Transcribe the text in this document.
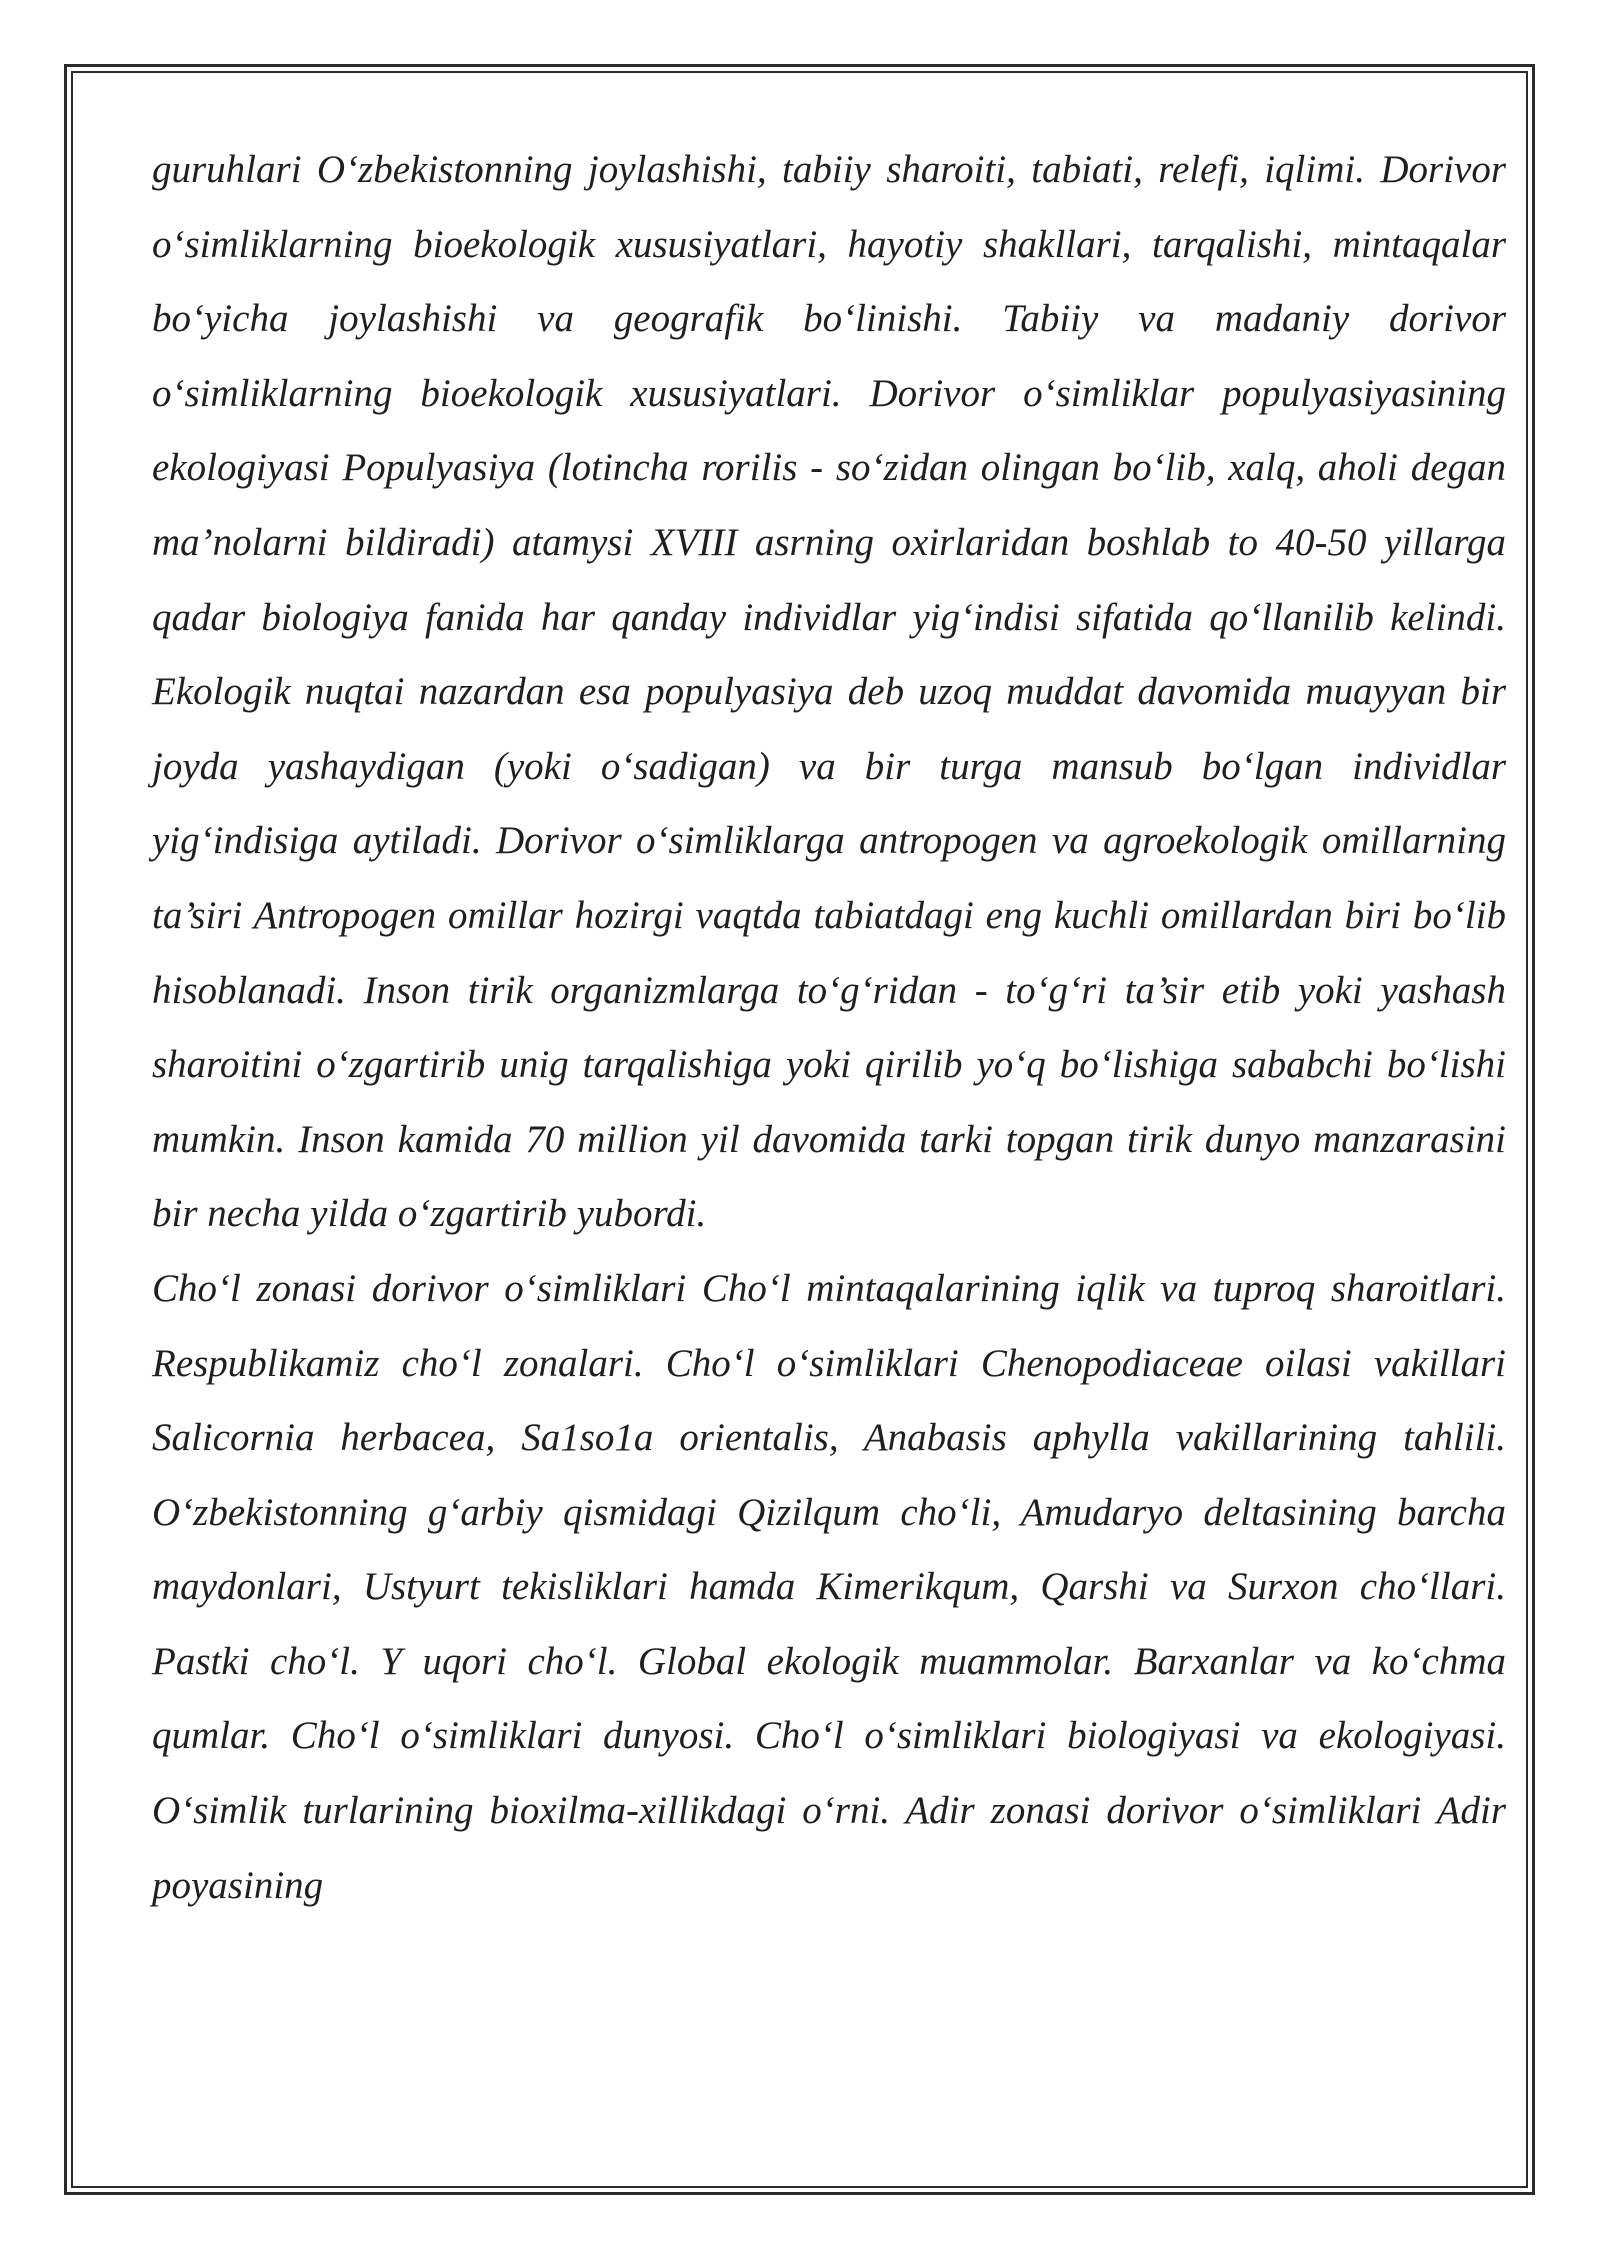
guruhlari O‘zbekistonning joylashishi, tabiiy sharoiti, tabiati, relefi, iqlimi. Dorivor o‘simliklarning bioekologik xususiyatlari, hayotiy shakllari, tarqalishi, mintaqalar bo‘yicha joylashishi va geografik bo‘linishi. Tabiiy va madaniy dorivor o‘simliklarning bioekologik xususiyatlari. Dorivor o‘simliklar populyasiyasining ekologiyasi Populyasiya (lotincha rorilis - so‘zidan olingan bo‘lib, xalq, aholi degan ma’nolarni bildiradi) atamysi XVIII asrning oxirlaridan boshlab to 40-50 yillarga qadar biologiya fanida har qanday individlar yig‘indisi sifatida qo‘llanilib kelindi. Ekologik nuqtai nazardan esa populyasiya deb uzoq muddat davomida muayyan bir joyda yashaydigan (yoki o‘sadigan) va bir turga mansub bo‘lgan individlar yig‘indisiga aytiladi. Dorivor o‘simliklarga antropogen va agroekologik omillarning ta’siri Antropogen omillar hozirgi vaqtda tabiatdagi eng kuchli omillardan biri bo‘lib hisoblanadi. Inson tirik organizmlarga to‘g‘ridan - to‘g‘ri ta’sir etib yoki yashash sharoitini o‘zgartirib unig tarqalishiga yoki qirilib yo‘q bo‘lishiga sababchi bo‘lishi mumkin. Inson kamida 70 million yil davomida tarki topgan tirik dunyo manzarasini bir necha yilda o‘zgartirib yubordi.

Cho‘l zonasi dorivor o‘simliklari Cho‘l mintaqalarining iqlik va tuproq sharoitlari. Respublikamiz cho‘l zonalari. Cho‘l o‘simliklari Chenopodiaceae oilasi vakillari Salicornia herbacea, Sa1so1a orientalis, Anabasis aphylla vakillarining tahlili. O‘zbekistonning g‘arbiy qismidagi Qizilqum cho‘li, Amudaryo deltasining barcha maydonlari, Ustyurt tekisliklari hamda Kimerikqum, Qarshi va Surxon cho‘llari. Pastki cho‘l. Y uqori cho‘l. Global ekologik muammolar. Barxanlar va ko‘chma qumlar. Cho‘l o‘simliklari dunyosi. Cho‘l o‘simliklari biologiyasi va ekologiyasi. O‘simlik turlarining bioxilma-xillikdagi o‘rni. Adir zonasi dorivor o‘simliklari Adir poyasining
